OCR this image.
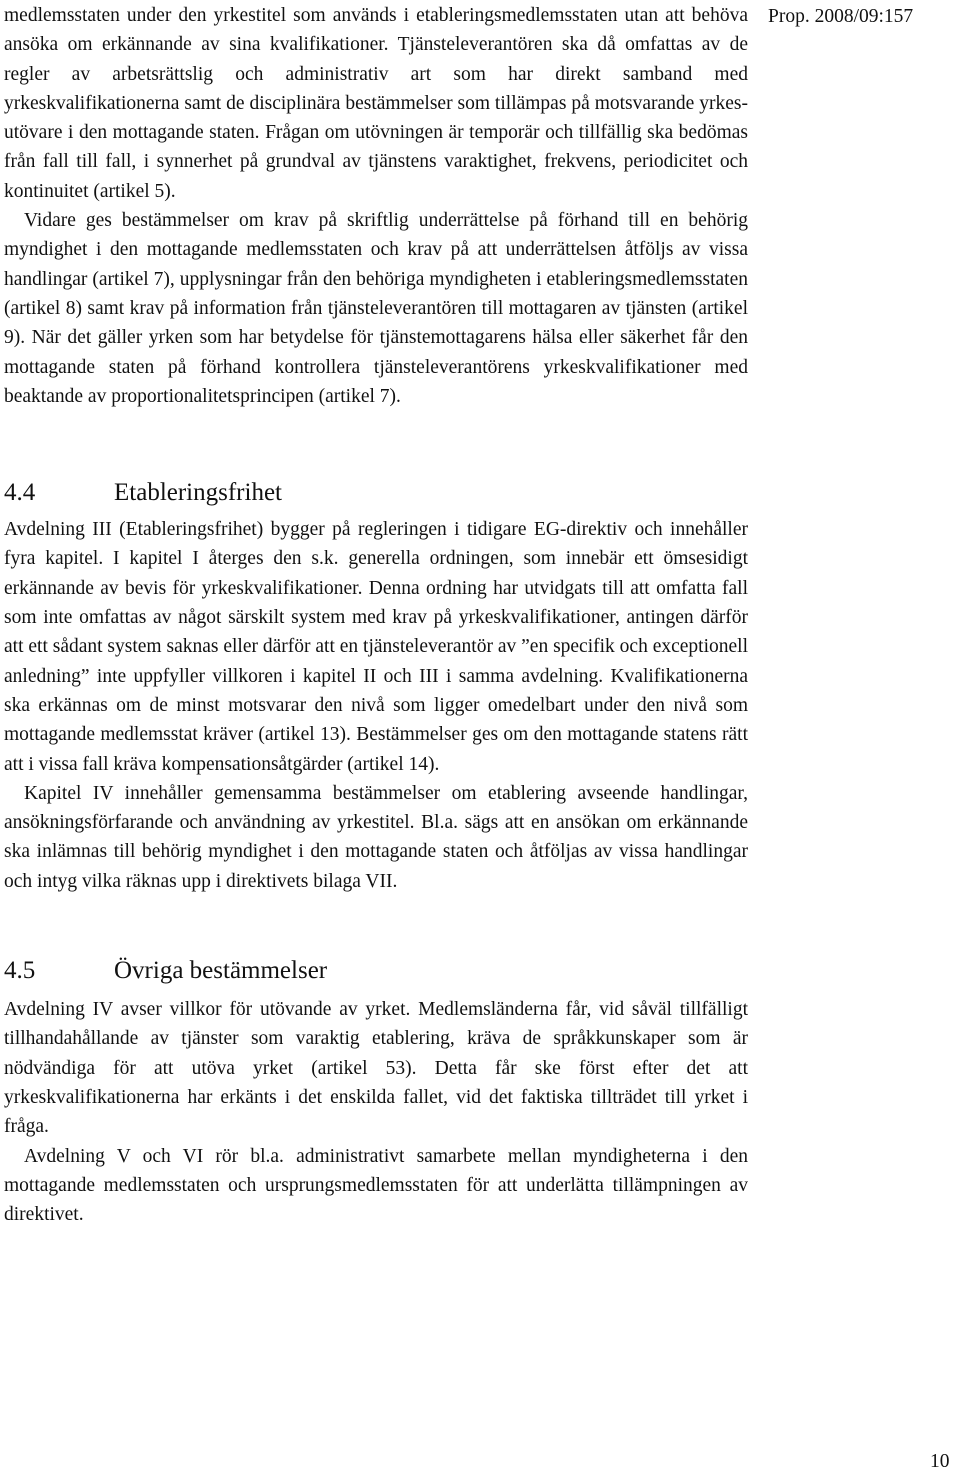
Prop. 2008/09:157

medlemsstaten under den yrkestitel som används i etableringsmedlemsstaten utan att behöva ansöka om erkännande av sina kvalifikationer. Tjänsteleverantören ska då omfattas av de regler av arbetsrättslig och administrativ art som har direkt samband med yrkeskvalifikationerna samt de disciplinära bestämmelser som tillämpas på motsvarande yrkesutövare i den mottagande staten. Frågan om utövningen är temporär och tillfällig ska bedömas från fall till fall, i synnerhet på grundval av tjänstens varaktighet, frekvens, periodicitet och kontinuitet (artikel 5).

Vidare ges bestämmelser om krav på skriftlig underrättelse på förhand till en behörig myndighet i den mottagande medlemsstaten och krav på att underrättelsen åtföljs av vissa handlingar (artikel 7), upplysningar från den behöriga myndigheten i etableringsmedlemsstaten (artikel 8) samt krav på information från tjänsteleverantören till mottagaren av tjänsten (artikel 9). När det gäller yrken som har betydelse för tjänstemottagarens hälsa eller säkerhet får den mottagande staten på förhand kontrollera tjänsteleverantörens yrkeskvalifikationer med beaktande av proportionalitetsprincipen (artikel 7).

4.4	Etableringsfrihet

Avdelning III (Etableringsfrihet) bygger på regleringen i tidigare EG-direktiv och innehåller fyra kapitel. I kapitel I återges den s.k. generella ordningen, som innebär ett ömsesidigt erkännande av bevis för yrkeskvalifikationer. Denna ordning har utvidgats till att omfatta fall som inte omfattas av något särskilt system med krav på yrkeskvalifikationer, antingen därför att ett sådant system saknas eller därför att en tjänsteleverantör av ”en specifik och exceptionell anledning” inte uppfyller villkoren i kapitel II och III i samma avdelning. Kvalifikationerna ska erkännas om de minst motsvarar den nivå som ligger omedelbart under den nivå som mottagande medlemsstat kräver (artikel 13). Bestämmelser ges om den mottagande statens rätt att i vissa fall kräva kompensationsåtgärder (artikel 14).

Kapitel IV innehåller gemensamma bestämmelser om etablering avseende handlingar, ansökningsförfarande och användning av yrkestitel. Bl.a. sägs att en ansökan om erkännande ska inlämnas till behörig myndighet i den mottagande staten och åtföljas av vissa handlingar och intyg vilka räknas upp i direktivets bilaga VII.

4.5	Övriga bestämmelser

Avdelning IV avser villkor för utövande av yrket. Medlemsländerna får, vid såväl tillfälligt tillhandahållande av tjänster som varaktig etablering, kräva de språkkunskaper som är nödvändiga för att utöva yrket (artikel 53). Detta får ske först efter det att yrkeskvalifikationerna har erkänts i det enskilda fallet, vid det faktiska tillträdet till yrket i fråga.

Avdelning V och VI rör bl.a. administrativt samarbete mellan myndigheterna i den mottagande medlemsstaten och ursprungsmedlemsstaten för att underlätta tillämpningen av direktivet.

10
